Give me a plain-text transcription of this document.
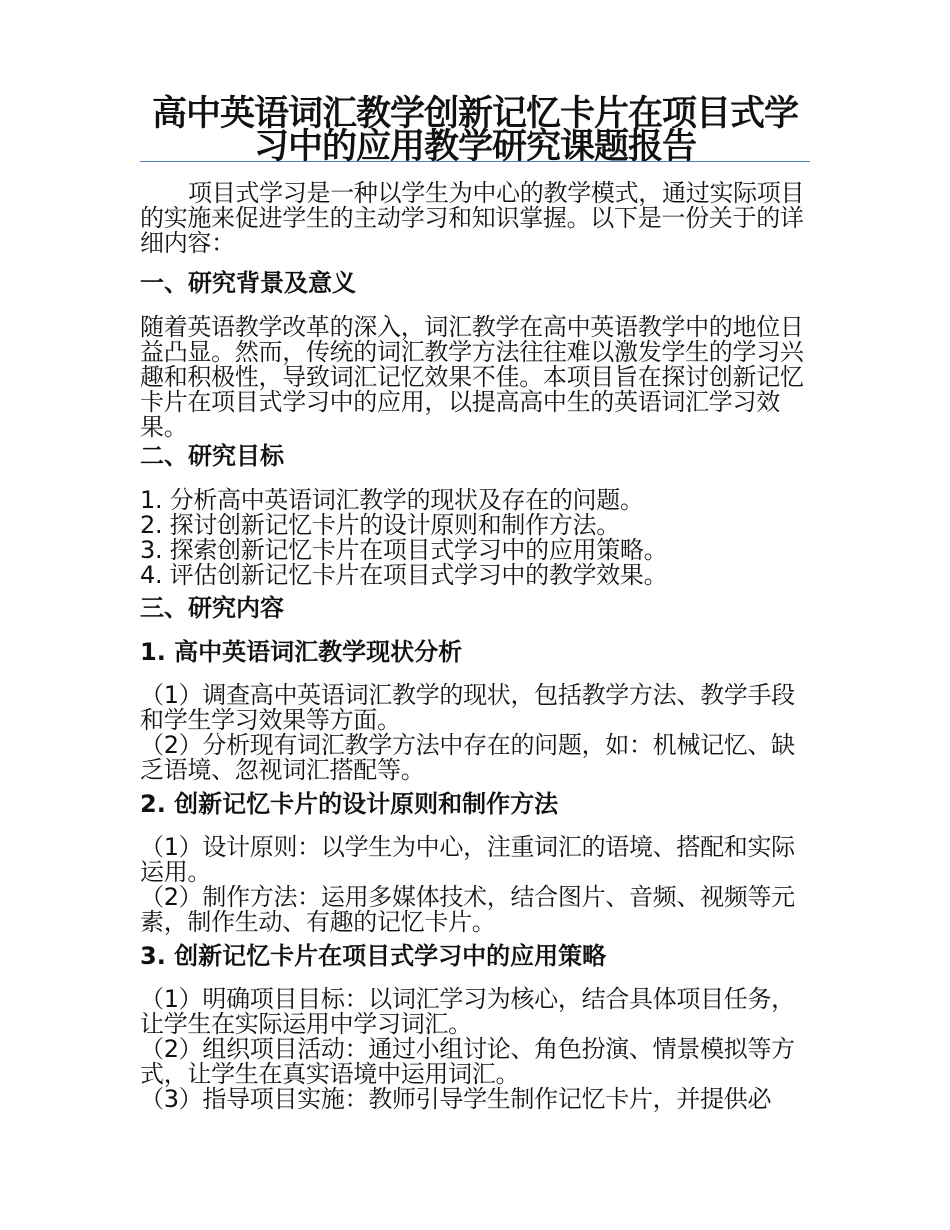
高中英语词汇教学创新记忆卡片在项目式学习中的应用教学研究课题报告

项目式学习是一种以学生为中心的教学模式，通过实际项目的实施来促进学生的主动学习和知识掌握。以下是一份关于的详细内容：

一、研究背景及意义

随着英语教学改革的深入，词汇教学在高中英语教学中的地位日益凸显。然而，传统的词汇教学方法往往难以激发学生的学习兴趣和积极性，导致词汇记忆效果不佳。本项目旨在探讨创新记忆卡片在项目式学习中的应用，以提高高中生的英语词汇学习效果。

二、研究目标
1. 分析高中英语词汇教学的现状及存在的问题。
2. 探讨创新记忆卡片的设计原则和制作方法。
3. 探索创新记忆卡片在项目式学习中的应用策略。
4. 评估创新记忆卡片在项目式学习中的教学效果。
三、研究内容
1. 高中英语词汇教学现状分析
（1）调查高中英语词汇教学的现状，包括教学方法、教学手段和学生学习效果等方面。
（2）分析现有词汇教学方法中存在的问题，如：机械记忆、缺乏语境、忽视词汇搭配等。
2. 创新记忆卡片的设计原则和制作方法
（1）设计原则：以学生为中心，注重词汇的语境、搭配和实际运用。
（2）制作方法：运用多媒体技术，结合图片、音频、视频等元素，制作生动、有趣的记忆卡片。
3. 创新记忆卡片在项目式学习中的应用策略
（1）明确项目目标：以词汇学习为核心，结合具体项目任务，让学生在实际运用中学习词汇。
（2）组织项目活动：通过小组讨论、角色扮演、情景模拟等方式，让学生在真实语境中运用词汇。
（3）指导项目实施：教师引导学生制作记忆卡片，并提供必
